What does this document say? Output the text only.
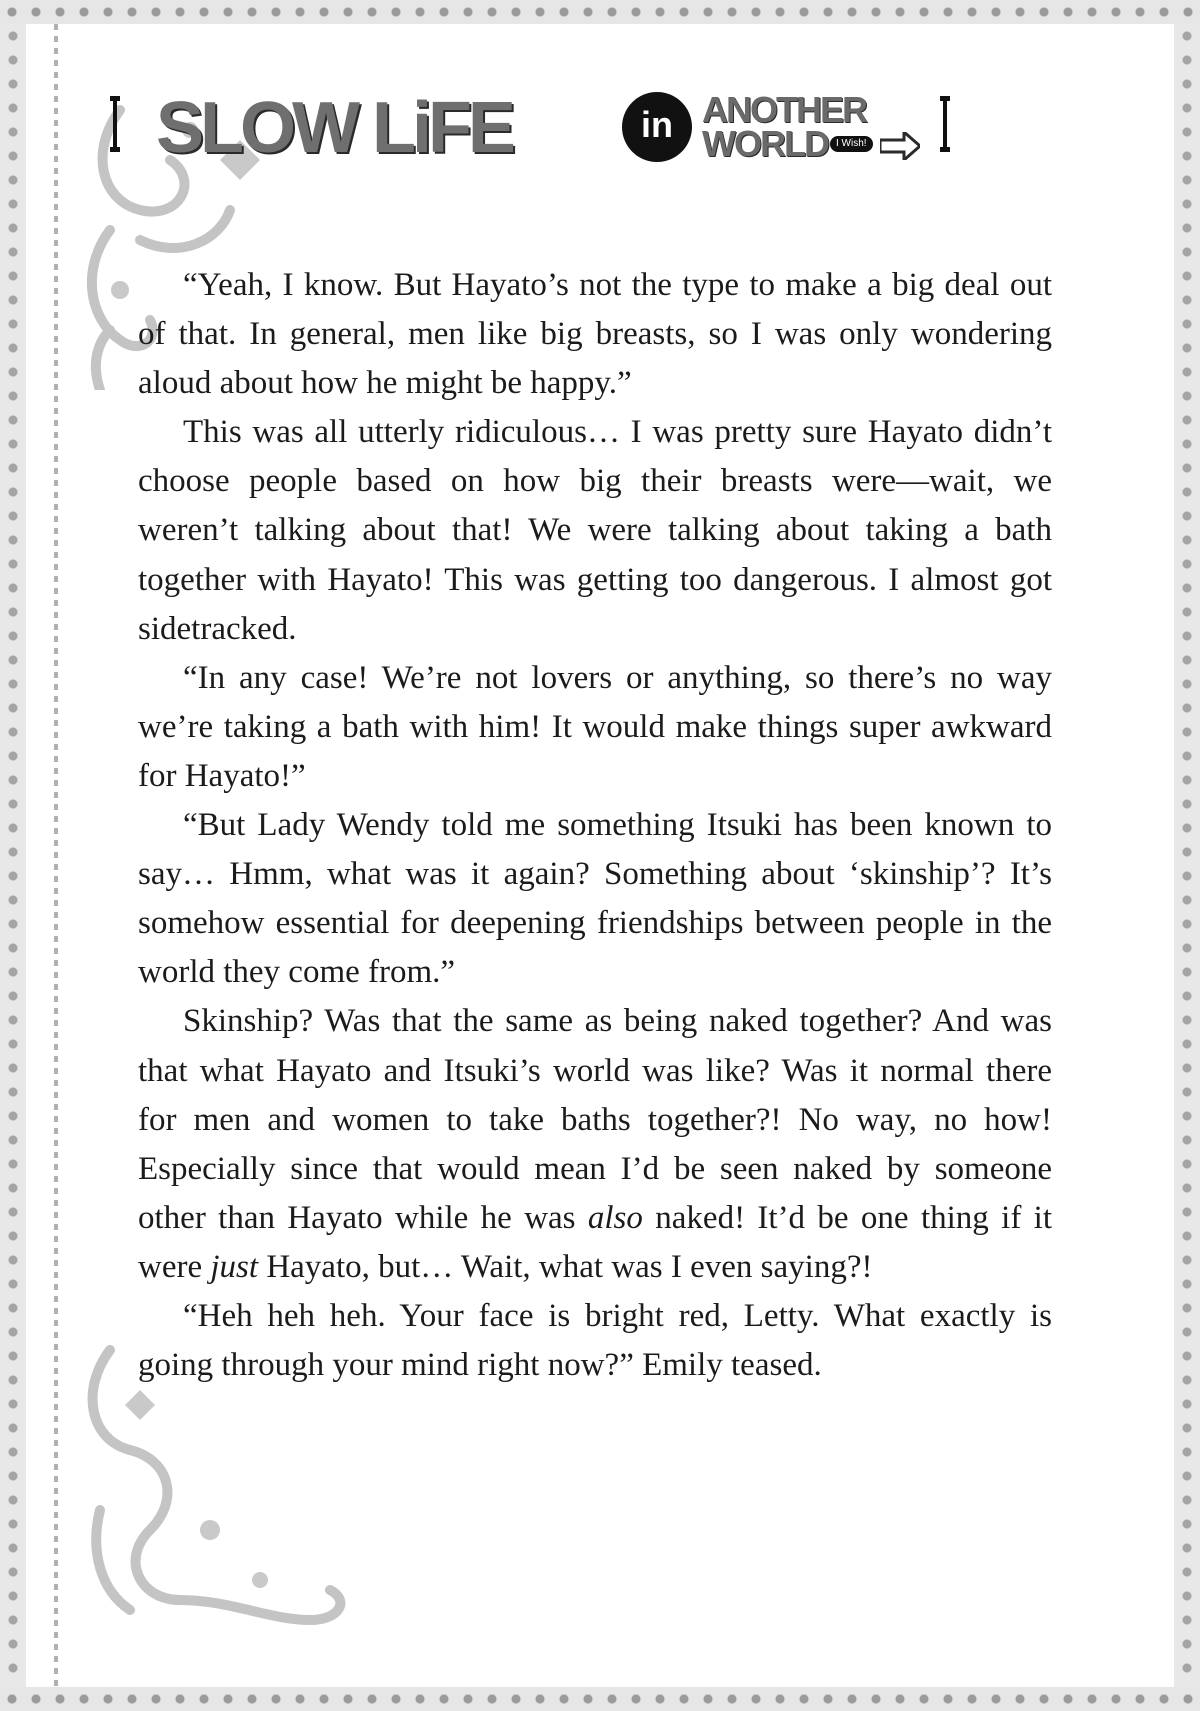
SLOW LiFE	in ANOTHER
WORLD I Wish!

“Yeah, I know. But Hayato’s not the type to make a big deal out of that. In general, men like big breasts, so I was only wondering aloud about how he might be happy.”

This was all utterly ridiculous… I was pretty sure Hayato didn’t choose people based on how big their breasts were—wait, we weren’t talking about that! We were talking about taking a bath together with Hayato! This was getting too dangerous. I almost got sidetracked.

“In any case! We’re not lovers or anything, so there’s no way we’re taking a bath with him! It would make things super awkward for Hayato!”

“But Lady Wendy told me something Itsuki has been known to say… Hmm, what was it again? Something about ‘skinship’? It’s somehow essential for deepening friendships between people in the world they come from.”

Skinship? Was that the same as being naked together? And was that what Hayato and Itsuki’s world was like? Was it normal there for men and women to take baths together?! No way, no how! Especially since that would mean I’d be seen naked by someone other than Hayato while he was also naked! It’d be one thing if it were just Hayato, but… Wait, what was I even saying?!

“Heh heh heh. Your face is bright red, Letty. What exactly is going through your mind right now?” Emily teased.
